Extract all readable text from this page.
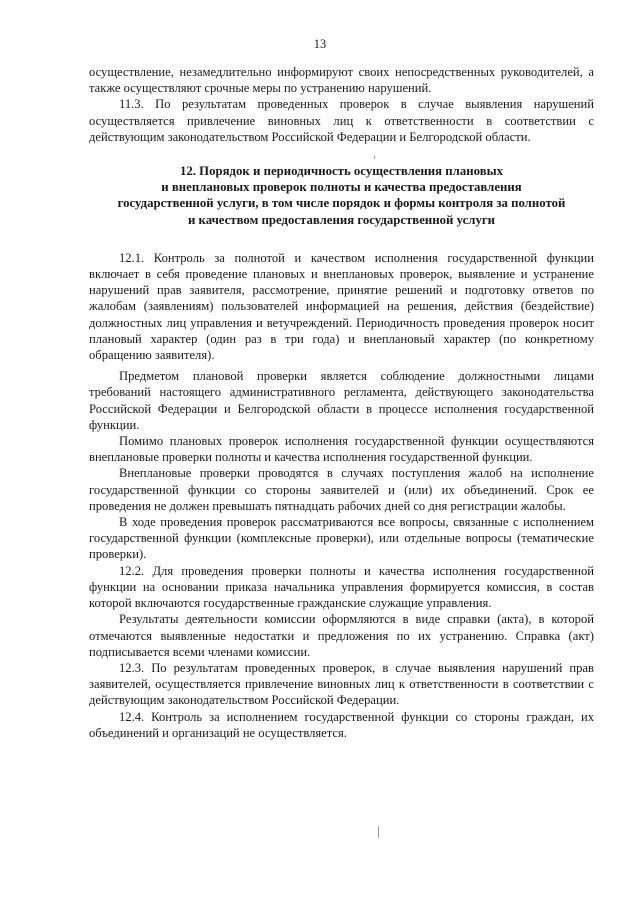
13

осуществление, незамедлительно информируют своих непосредственных руководителей, а также осуществляют срочные меры по устранению нарушений.

11.3. По результатам проведенных проверок в случае выявления нарушений осуществляется привлечение виновных лиц к ответственности в соответствии с действующим законодательством Российской Федерации и Белгородской области.

12. Порядок и периодичность осуществления плановых
и внеплановых проверок полноты и качества предоставления
государственной услуги, в том числе порядок и формы контроля за полнотой
и качеством предоставления государственной услуги

12.1. Контроль за полнотой и качеством исполнения государственной функции включает в себя проведение плановых и внеплановых проверок, выявление и устранение нарушений прав заявителя, рассмотрение, принятие решений и подготовку ответов по жалобам (заявлениям) пользователей информацией на решения, действия (бездействие) должностных лиц управления и ветучреждений. Периодичность проведения проверок носит плановый характер (один раз в три года) и внеплановый характер (по конкретному обращению заявителя).

Предметом плановой проверки является соблюдение должностными лицами требований настоящего административного регламента, действующего законодательства Российской Федерации и Белгородской области в процессе исполнения государственной функции.

Помимо плановых проверок исполнения государственной функции осуществляются внеплановые проверки полноты и качества исполнения государственной функции.

Внеплановые проверки проводятся в случаях поступления жалоб на исполнение государственной функции со стороны заявителей и (или) их объединений. Срок ее проведения не должен превышать пятнадцать рабочих дней со дня регистрации жалобы.

В ходе проведения проверок рассматриваются все вопросы, связанные с исполнением государственной функции (комплексные проверки), или отдельные вопросы (тематические проверки).

12.2. Для проведения проверки полноты и качества исполнения государственной функции на основании приказа начальника управления формируется комиссия, в состав которой включаются государственные гражданские служащие управления.

Результаты деятельности комиссии оформляются в виде справки (акта), в которой отмечаются выявленные недостатки и предложения по их устранению. Справка (акт) подписывается всеми членами комиссии.

12.3. По результатам проведенных проверок, в случае выявления нарушений прав заявителей, осуществляется привлечение виновных лиц к ответственности в соответствии с действующим законодательством Российской Федерации.

12.4. Контроль за исполнением государственной функции со стороны граждан, их объединений и организаций не осуществляется.
